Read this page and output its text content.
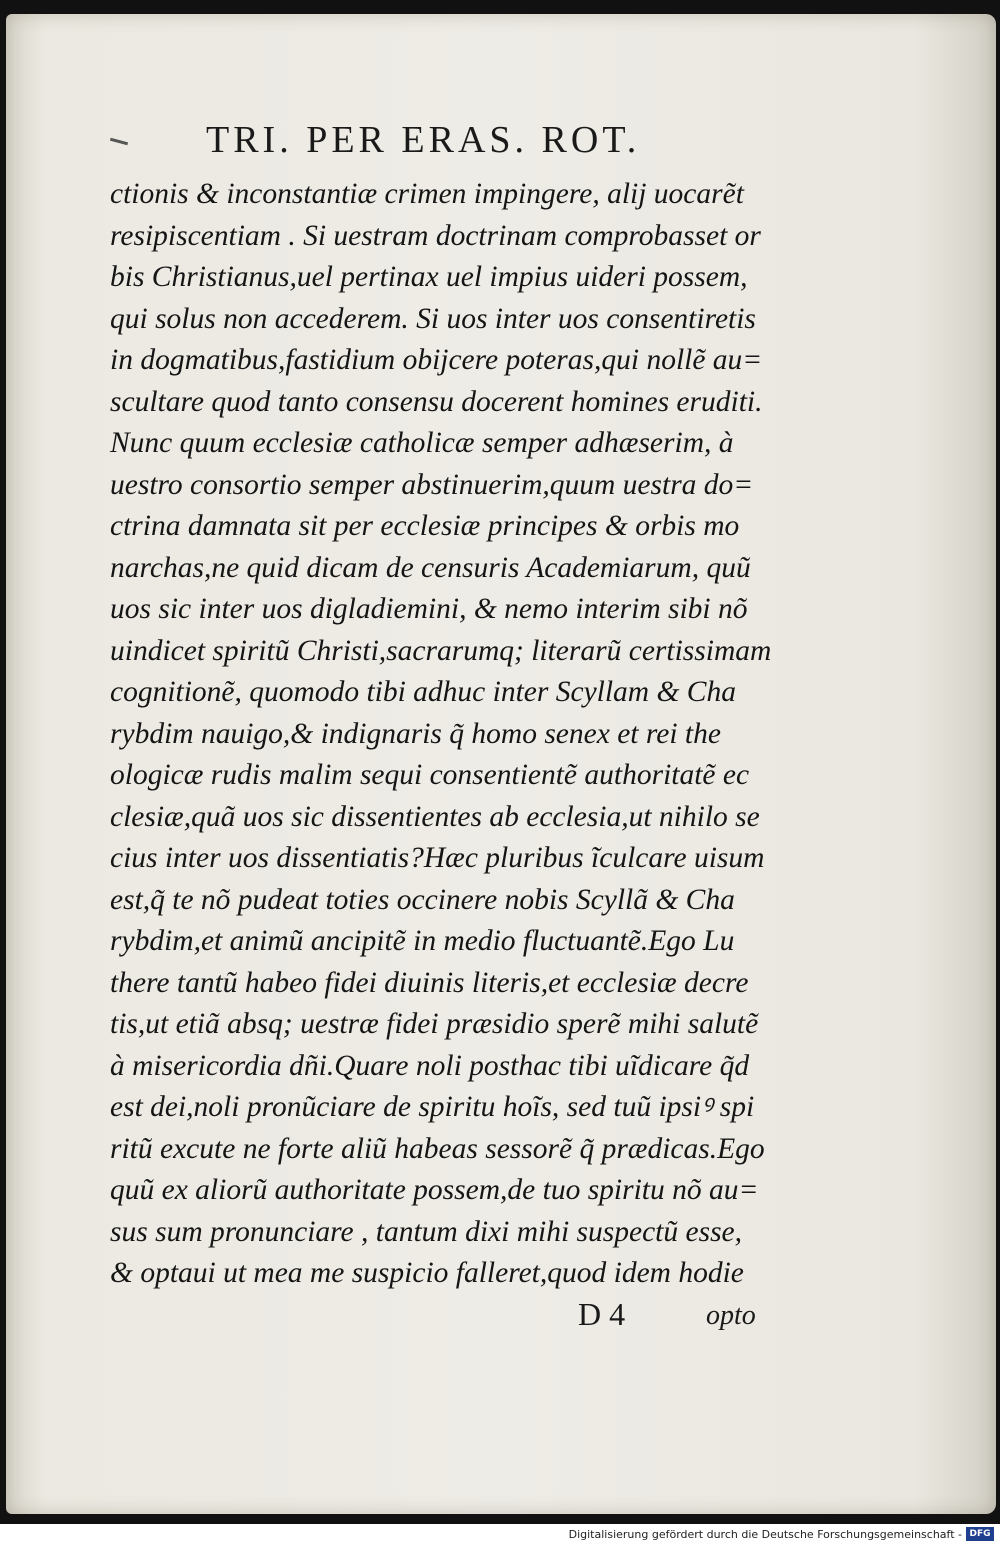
TRI. PER ERAS. ROT.
ctionis & inconstantiæ crimen impingere, alij uocarẽt
resipiscentiam . Si uestram doctrinam comprobasset or
bis Christianus,uel pertinax uel impius uideri possem,
qui solus non accederem. Si uos inter uos consentiretis
in dogmatibus,fastidium obijcere poteras,qui nollẽ au=
scultare quod tanto consensu docerent homines eruditi.
Nunc quum ecclesiæ catholicæ semper adhæserim, à
uestro consortio semper abstinuerim,quum uestra do=
ctrina damnata sit per ecclesiæ principes & orbis mo
narchas,ne quid dicam de censuris Academiarum, quũ
uos sic inter uos digladiemini, & nemo interim sibi nõ
uindicet spiritũ Christi,sacrarumq; literarũ certissimam
cognitionẽ, quomodo tibi adhuc inter Scyllam & Cha
rybdim nauigo,& indignaris q̃ homo senex et rei the
ologicæ rudis malim sequi consentientẽ authoritatẽ ec
clesiæ,quã uos sic dissentientes ab ecclesia,ut nihilo se
cius inter uos dissentiatis?Hæc pluribus ĩculcare uisum
est,q̃ te nõ pudeat toties occinere nobis Scyllã & Cha
rybdim,et animũ ancipitẽ in medio fluctuantẽ.Ego Lu
there tantũ habeo fidei diuinis literis,et ecclesiæ decre
tis,ut etiã absq; uestræ fidei præsidio sperẽ mihi salutẽ
à misericordia dñi.Quare noli posthac tibi uĩdicare q̃d
est dei,noli pronũciare de spiritu hoĩs, sed tuũ ipsiꝰ spi
ritũ excute ne forte aliũ habeas sessorẽ q̃ prædicas.Ego
quũ ex aliorũ authoritate possem,de tuo spiritu nõ au=
sus sum pronunciare , tantum dixi mihi suspectũ esse,
& optaui ut mea me suspicio falleret,quod idem hodie
D 4	opto
Digitalisierung gefördert durch die Deutsche Forschungsgemeinschaft - DFG
